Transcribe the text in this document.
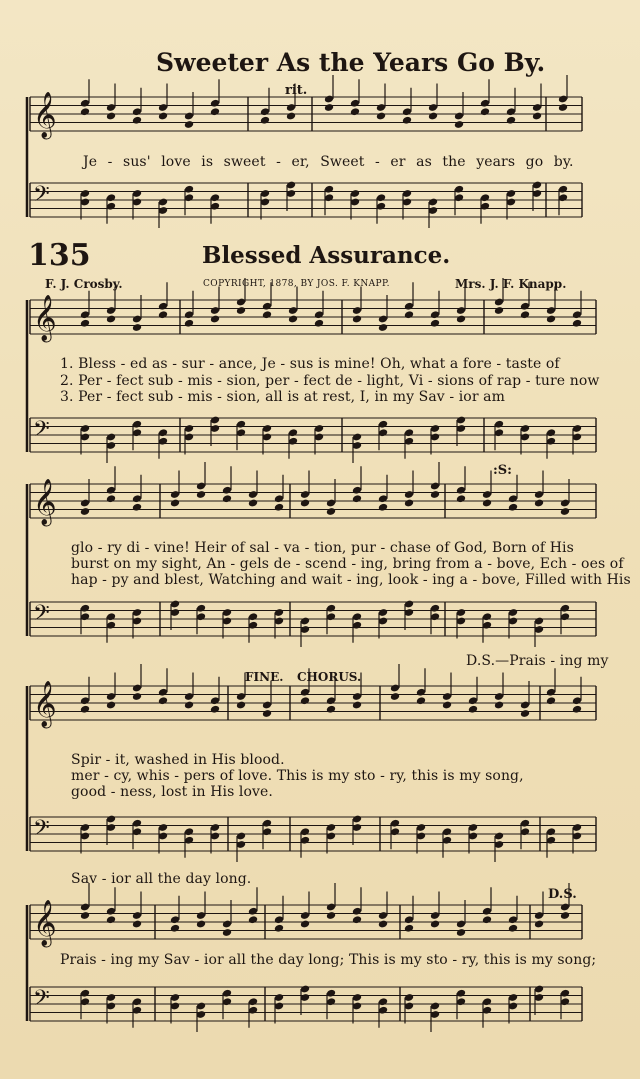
Sweeter As the Years Go By.
rit.
135	Blessed Assurance.
F. J. Crosby.	COPYRIGHT, 1878, BY JOS. F. KNAPP.	Mrs. J. F. Knapp.
Je - sus' love is sweet - er, Sweet - er as the years go by.
1. Bless - ed as - sur - ance, Je - sus is mine! Oh, what a fore - taste of
2. Per - fect sub - mis - sion, per - fect de - light, Vi - sions of rap - ture now
3. Per - fect sub - mis - sion, all is at rest, I, in my Sav - ior am
glo - ry di - vine! Heir of sal - va - tion, pur - chase of God, Born of His
burst on my sight, An - gels de - scend - ing, bring from a - bove, Ech - oes of
hap - py and blest, Watching and wait - ing, look - ing a - bove, Filled with His
:S:
D.S.—Prais - ing my
FINE. CHORUS.
Spir - it, washed in His blood.
mer - cy, whis - pers of love. This is my sto - ry, this is my song,
good - ness, lost in His love.
Sav - ior all the day long.
D.S.
Prais - ing my Sav - ior all the day long; This is my sto - ry, this is my song;
𝄞
𝄢
𝄞
𝄢
𝄞
𝄢
𝄞
𝄢
𝄞
𝄢
